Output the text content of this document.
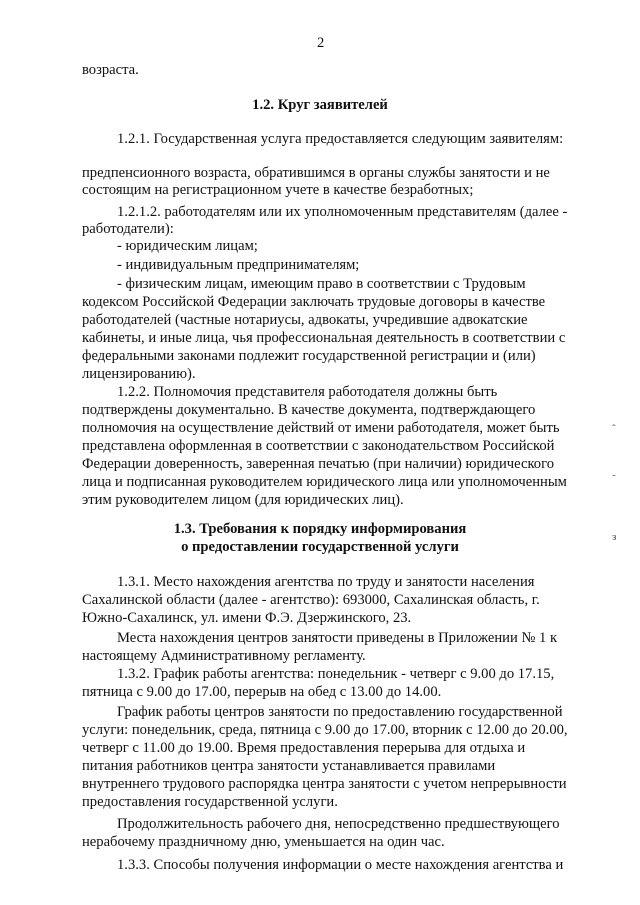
2
возраста.
1.2. Круг заявителей
1.2.1. Государственная услуга предоставляется следующим заявителям:
предпенсионного возраста, обратившимся в органы службы занятости и не
состоящим на регистрационном учете в качестве безработных;
1.2.1.2. работодателям или их уполномоченным представителям (далее -
работодатели):
- юридическим лицам;
- индивидуальным предпринимателям;
- физическим лицам, имеющим право в соответствии с Трудовым
кодексом Российской Федерации заключать трудовые договоры в качестве
работодателей (частные нотариусы, адвокаты, учредившие адвокатские
кабинеты, и иные лица, чья профессиональная деятельность в соответствии с
федеральными законами подлежит государственной регистрации и (или)
лицензированию).
1.2.2. Полномочия представителя работодателя должны быть
подтверждены документально. В качестве документа, подтверждающего
полномочия на осуществление действий от имени работодателя, может быть
представлена оформленная в соответствии с законодательством Российской
Федерации доверенность, заверенная печатью (при наличии) юридического
лица и подписанная руководителем юридического лица или уполномоченным
этим руководителем лицом (для юридических лиц).
1.3. Требования к порядку информирования
о предоставлении государственной услуги
1.3.1. Место нахождения агентства по труду и занятости населения
Сахалинской области (далее - агентство): 693000, Сахалинская область, г.
Южно-Сахалинск, ул. имени Ф.Э. Дзержинского, 23.
Места нахождения центров занятости приведены в Приложении № 1 к
настоящему Административному регламенту.
1.3.2. График работы агентства: понедельник - четверг с 9.00 до 17.15,
пятница с 9.00 до 17.00, перерыв на обед с 13.00 до 14.00.
График работы центров занятости по предоставлению государственной
услуги: понедельник, среда, пятница с 9.00 до 17.00, вторник с 12.00 до 20.00,
четверг с 11.00 до 19.00. Время предоставления перерыва для отдыха и
питания работников центра занятости устанавливается правилами
внутреннего трудового распорядка центра занятости с учетом непрерывности
предоставления государственной услуги.
Продолжительность рабочего дня, непосредственно предшествующего
нерабочему праздничному дню, уменьшается на один час.
1.3.3. Способы получения информации о месте нахождения агентства и
ˆ
˜
з
